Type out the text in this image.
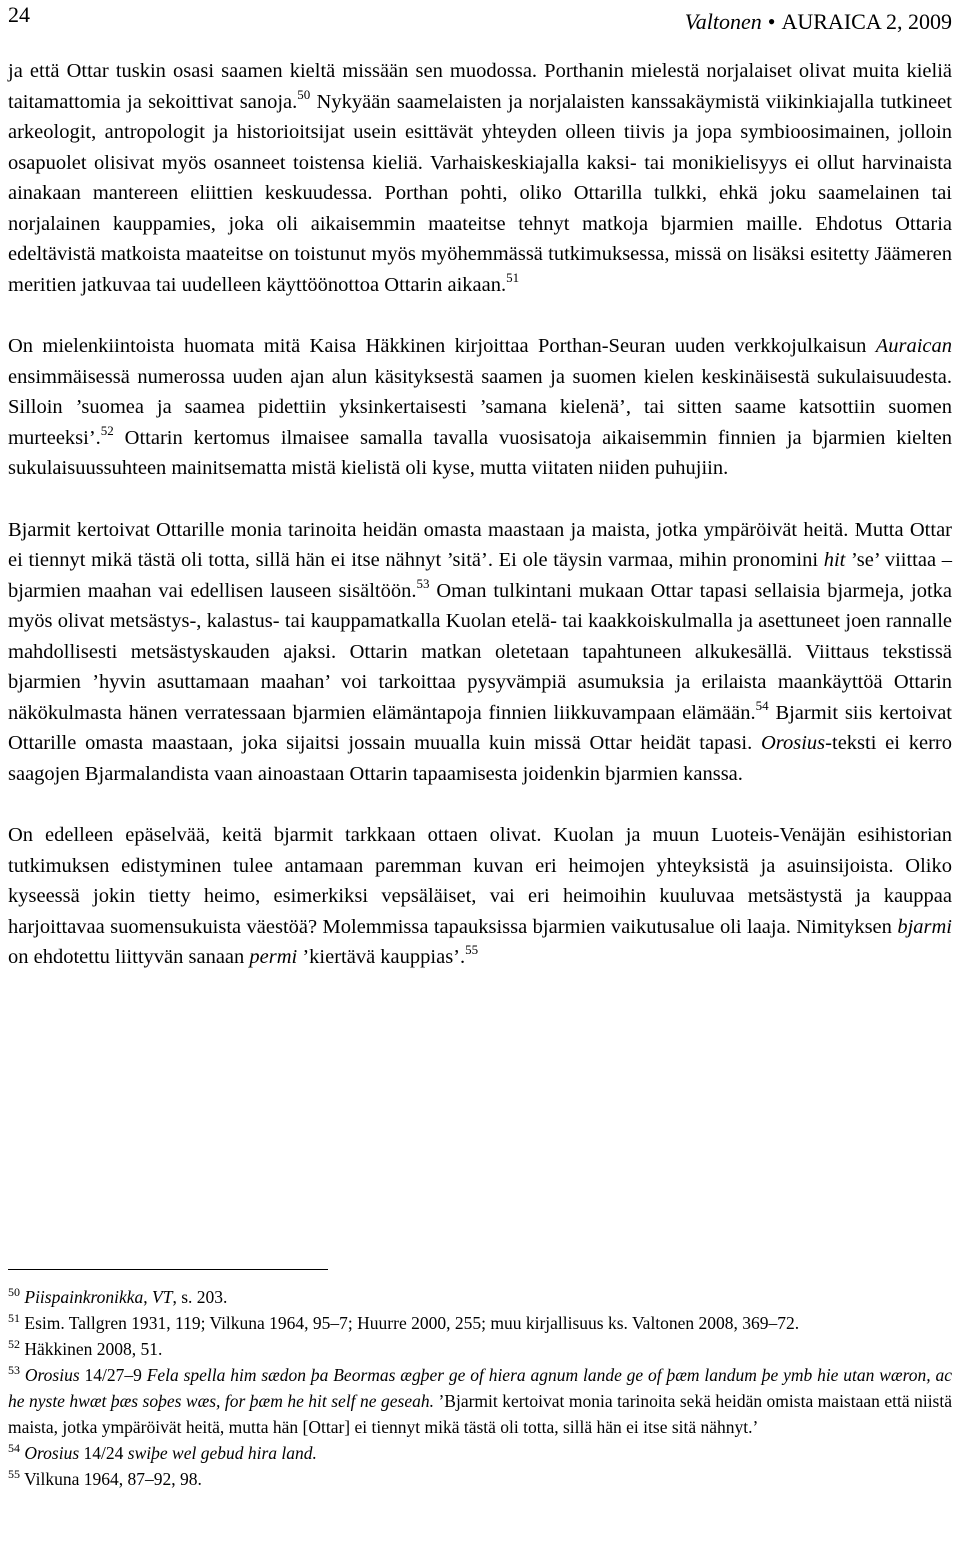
24	Valtonen • AURAICA 2, 2009

ja että Ottar tuskin osasi saamen kieltä missään sen muodossa. Porthanin mielestä norjalaiset olivat muita kieliä taitamattomia ja sekoittivat sanoja.$^{50}$ Nykyään saamelaisten ja norjalaisten kanssakäymistä viikinkiajalla tutkineet arkeologit, antropologit ja historioitsijat usein esittävät yhteyden olleen tiivis ja jopa symbioosimainen, jolloin osapuolet olisivat myös osanneet toistensa kieliä. Varhaiskeskiajalla kaksi- tai monikielisyys ei ollut harvinaista ainakaan mantereen eliittien keskuudessa. Porthan pohti, oliko Ottarilla tulkki, ehkä joku saamelainen tai norjalainen kauppamies, joka oli aikaisemmin maateitse tehnyt matkoja bjarmien maille. Ehdotus Ottaria edeltävistä matkoista maateitse on toistunut myös myöhemmässä tutkimuksessa, missä on lisäksi esitetty Jäämeren meritien jatkuvaa tai uudelleen käyttöönottoa Ottarin aikaan.$^{51}$

On mielenkiintoista huomata mitä Kaisa Häkkinen kirjoittaa Porthan-Seuran uuden verkkojulkaisun Auraican ensimmäisessä numerossa uuden ajan alun käsityksestä saamen ja suomen kielen keskinäisestä sukulaisuudesta. Silloin ’suomea ja saamea pidettiin yksinkertaisesti ’samana kielenä’, tai sitten saame katsottiin suomen murteeksi’.$^{52}$ Ottarin kertomus ilmaisee samalla tavalla vuosisatoja aikaisemmin finnien ja bjarmien kielten sukulaisuussuhteen mainitsematta mistä kielistä oli kyse, mutta viitaten niiden puhujiin.

Bjarmit kertoivat Ottarille monia tarinoita heidän omasta maastaan ja maista, jotka ympäröivät heitä. Mutta Ottar ei tiennyt mikä tästä oli totta, sillä hän ei itse nähnyt ’sitä’. Ei ole täysin varmaa, mihin pronomini hit ’se’ viittaa – bjarmien maahan vai edellisen lauseen sisältöön.$^{53}$ Oman tulkintani mukaan Ottar tapasi sellaisia bjarmeja, jotka myös olivat metsästys-, kalastus- tai kauppamatkalla Kuolan etelä- tai kaakkoiskulmalla ja asettuneet joen rannalle mahdollisesti metsästyskauden ajaksi. Ottarin matkan oletetaan tapahtuneen alkukesällä. Viittaus tekstissä bjarmien ’hyvin asuttamaan maahan’ voi tarkoittaa pysyvämpiä asumuksia ja erilaista maankäyttöä Ottarin näkökulmasta hänen verratessaan bjarmien elämäntapoja finnien liikkuvampaan elämään.$^{54}$ Bjarmit siis kertoivat Ottarille omasta maastaan, joka sijaitsi jossain muualla kuin missä Ottar heidät tapasi. Orosius-teksti ei kerro saagojen Bjarmalandista vaan ainoastaan Ottarin tapaamisesta joidenkin bjarmien kanssa.

On edelleen epäselvää, keitä bjarmit tarkkaan ottaen olivat. Kuolan ja muun Luoteis-Venäjän esihistorian tutkimuksen edistyminen tulee antamaan paremman kuvan eri heimojen yhteyksistä ja asuinsijoista. Oliko kyseessä jokin tietty heimo, esimerkiksi vepsäläiset, vai eri heimoihin kuuluvaa metsästystä ja kauppaa harjoittavaa suomensukuista väestöä? Molemmissa tapauksissa bjarmien vaikutusalue oli laaja. Nimityksen bjarmi on ehdotettu liittyvän sanaan permi ’kiertävä kauppias’.$^{55}$

$^{50}$ Piispainkronikka, VT, s. 203.

$^{51}$ Esim. Tallgren 1931, 119; Vilkuna 1964, 95–7; Huurre 2000, 255; muu kirjallisuus ks. Valtonen 2008, 369–72.

$^{52}$ Häkkinen 2008, 51.

$^{53}$ Orosius 14/27–9 Fela spella him sædon þa Beormas ægþer ge of hiera agnum lande ge of þæm landum þe ymb hie utan wæron, ac he nyste hwæt þæs soþes wæs, for þæm he hit self ne geseah. ’Bjarmit kertoivat monia tarinoita sekä heidän omista maistaan että niistä maista, jotka ympäröivät heitä, mutta hän [Ottar] ei tiennyt mikä tästä oli totta, sillä hän ei itse sitä nähnyt.’

$^{54}$ Orosius 14/24 swiþe wel gebud hira land.

$^{55}$ Vilkuna 1964, 87–92, 98.
